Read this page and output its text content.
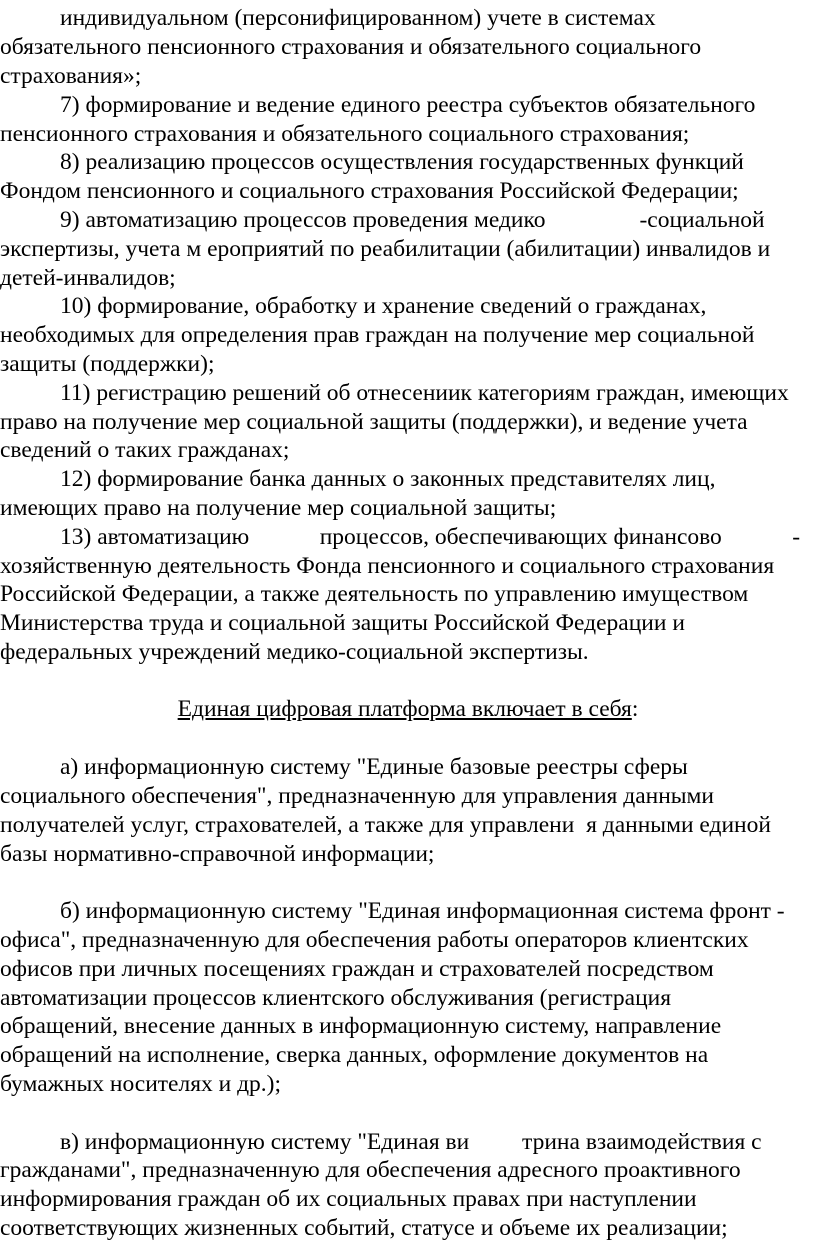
индивидуальном (персонифицированном) учете в системах
обязательного пенсионного страхования и обязательного социального
страхования»;
7) формирование и ведение единого реестра субъектов обязательного
пенсионного страхования и обязательного социального страхования;
8) реализацию процессов осуществления государственных функций
Фондом пенсионного и социального страхования Российской Федерации;
9) автоматизацию процессов проведения медико                -социальной
экспертизы, учета м ероприятий по реабилитации (абилитации) инвалидов и
детей-инвалидов;
10) формирование, обработку и хранение сведений о гражданах,
необходимых для определения прав граждан на получение мер социальной
защиты (поддержки);
11) регистрацию решений об отнесениик категориям граждан, имеющих
право на получение мер социальной защиты (поддержки), и ведение учета
сведений о таких гражданах;
12) формирование банка данных о законных представителях лиц,
имеющих право на получение мер социальной защиты;
13) автоматизацию            процессов, обеспечивающих финансово            -
хозяйственную деятельность Фонда пенсионного и социального страхования
Российской Федерации, а также деятельность по управлению имуществом
Министерства труда и социальной защиты Российской Федерации и
федеральных учреждений медико-социальной экспертизы.
Единая цифровая платформа включает в себя:
а) информационную систему "Единые базовые реестры сферы
социального обеспечения", предназначенную для управления данными
получателей услуг, страхователей, а также для управлени  я данными единой
базы нормативно-справочной информации;
б) информационную систему "Единая информационная система фронт -
офиса", предназначенную для обеспечения работы операторов клиентских
офисов при личных посещениях граждан и страхователей посредством
автоматизации процессов клиентского обслуживания (регистрация
обращений, внесение данных в информационную систему, направление
обращений на исполнение, сверка данных, оформление документов на
бумажных носителях и др.);
в) информационную систему "Единая ви         трина взаимодействия с
гражданами", предназначенную для обеспечения адресного проактивного
информирования граждан об их социальных правах при наступлении
соответствующих жизненных событий, статусе и объеме их реализации;
